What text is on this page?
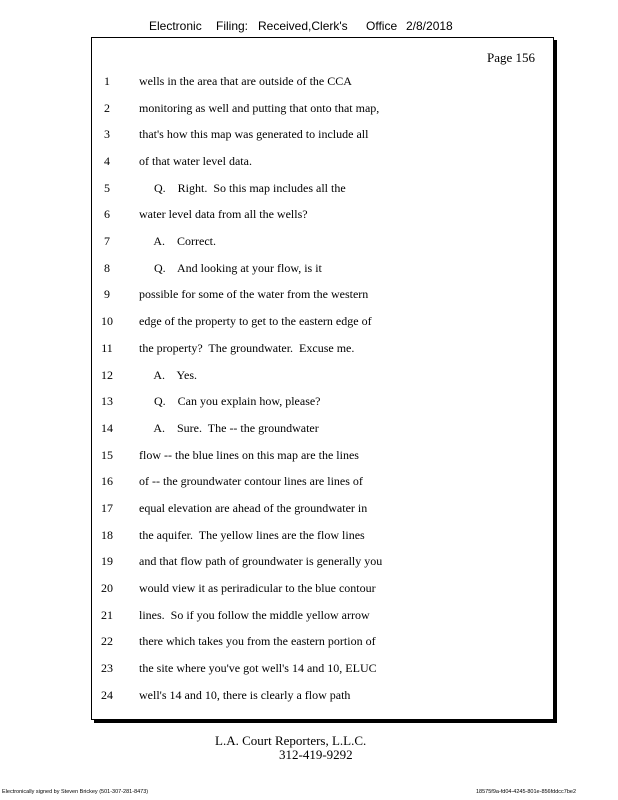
Electronic Filing: Received,Clerk's Office 2/8/2018
Page 156
1	wells in the area that are outside of the CCA
2	monitoring as well and putting that onto that map,
3	that's how this map was generated to include all
4	of that water level data.
5	Q.    Right.  So this map includes all the
6	water level data from all the wells?
7	A.    Correct.
8	Q.    And looking at your flow, is it
9	possible for some of the water from the western
10	edge of the property to get to the eastern edge of
11	the property?  The groundwater.  Excuse me.
12	A.    Yes.
13	Q.    Can you explain how, please?
14	A.    Sure.  The -- the groundwater
15	flow -- the blue lines on this map are the lines
16	of -- the groundwater contour lines are lines of
17	equal elevation are ahead of the groundwater in
18	the aquifer.  The yellow lines are the flow lines
19	and that flow path of groundwater is generally you
20	would view it as periradicular to the blue contour
21	lines.  So if you follow the middle yellow arrow
22	there which takes you from the eastern portion of
23	the site where you've got well's 14 and 10, ELUC
24	well's 14 and 10, there is clearly a flow path
L.A. Court Reporters, L.L.C.
312-419-9292
Electronically signed by Steven Brickey (501-307-281-8473)	18575f9a-fd04-4245-801e-856fddcc7be2
